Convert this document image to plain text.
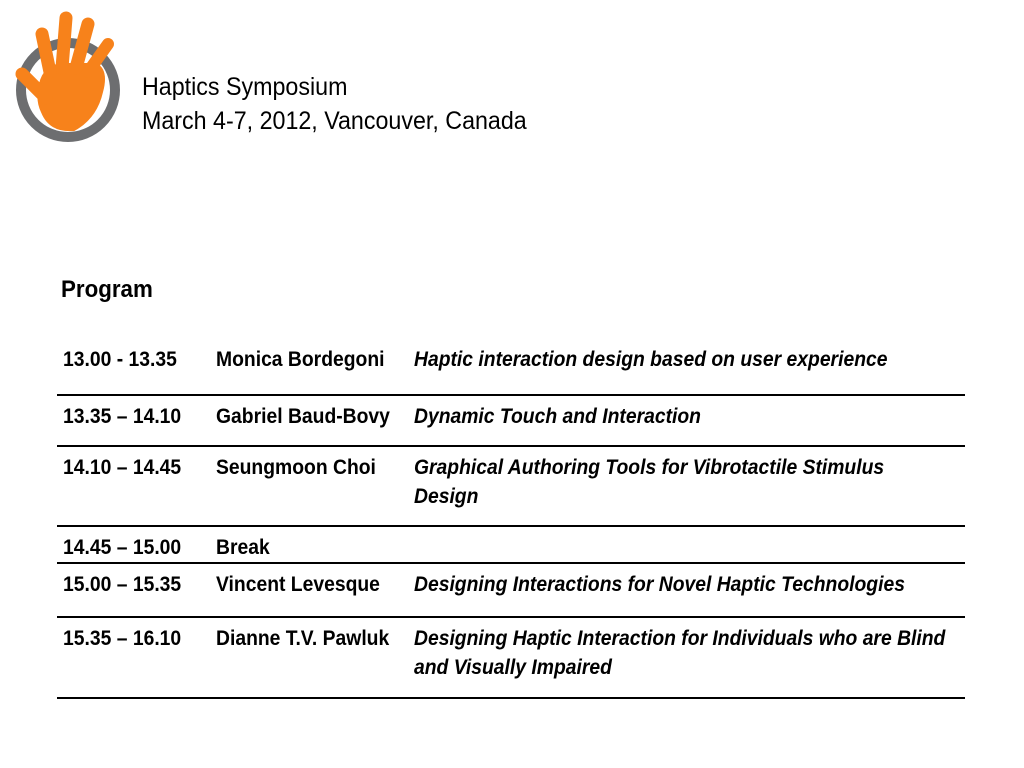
Haptics Symposium
March 4-7, 2012, Vancouver, Canada
Program
13.00 - 13.35 Monica Bordegoni Haptic interaction design based on user experience
13.35 – 14.10 Gabriel Baud-Bovy Dynamic Touch and Interaction
14.10 – 14.45 Seungmoon Choi Graphical Authoring Tools for Vibrotactile Stimulus
Design
14.45 – 15.00 Break
15.00 – 15.35 Vincent Levesque Designing Interactions for Novel Haptic Technologies
15.35 – 16.10 Dianne T.V. Pawluk Designing Haptic Interaction for Individuals who are Blind
and Visually Impaired
